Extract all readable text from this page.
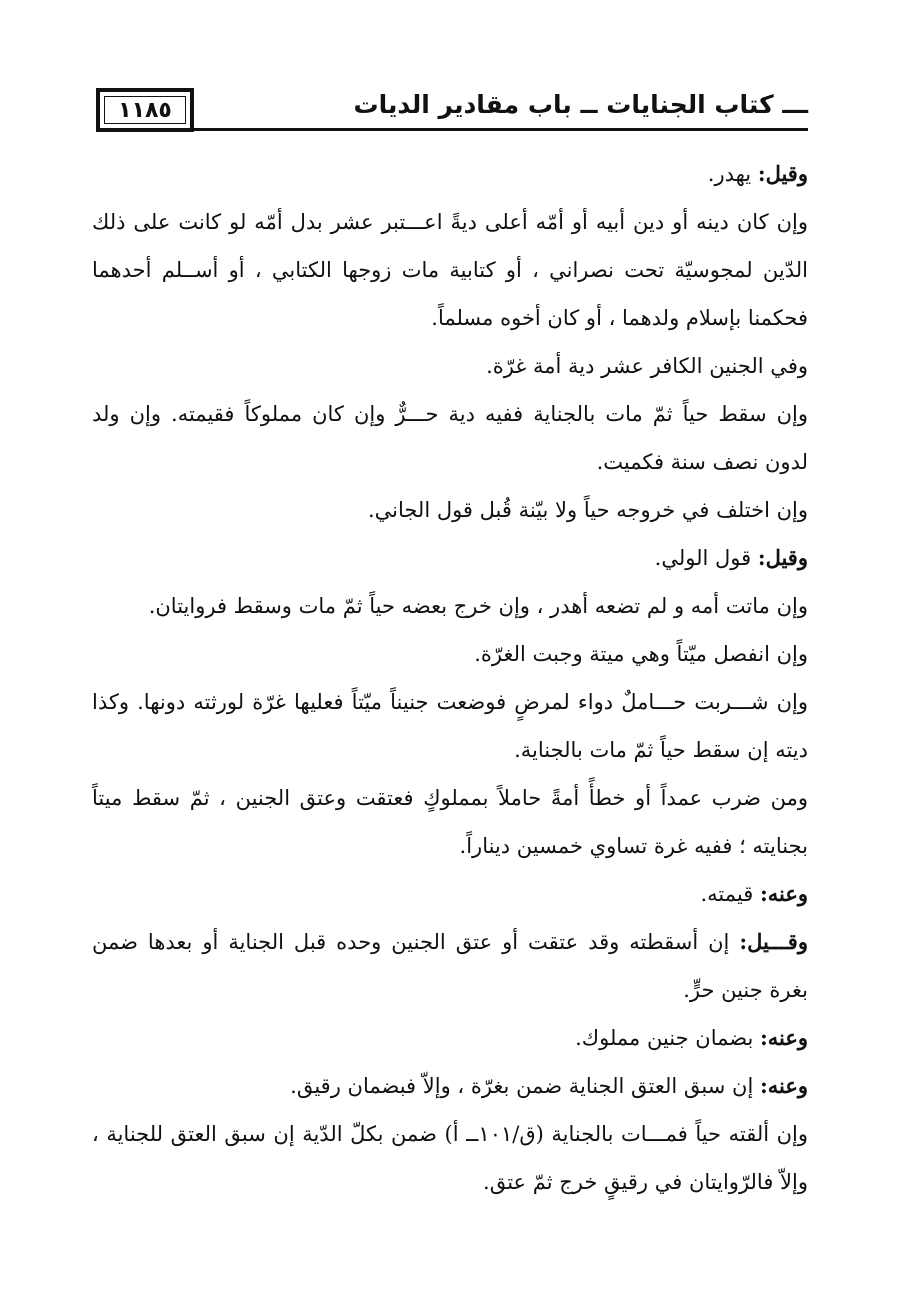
١١٨٥	ـــ كتاب الجنايات ــ باب مقادير الديات

وقيل: يهدر.

وإن كان دينه أو دين أبيه أو أمّه أعلى ديةً اعـــتبر عشر بدل أمّه لو كانت على ذلك الدّين لمجوسيّة تحت نصراني ، أو كتابية مات زوجها الكتابي ، أو أســلم أحدهما فحكمنا بإسلام ولدهما ، أو كان أخوه مسلماً.

وفي الجنين الكافر عشر دية أمة غرّة.

وإن سقط حياً ثمّ مات بالجناية ففيه دية حـــرٌّ وإن كان مملوكاً فقيمته. وإن ولد لدون نصف سنة فكميت.

وإن اختلف في خروجه حياً ولا بيّنة قُبل قول الجاني.

وقيل: قول الولي.

وإن ماتت أمه و لم تضعه أهدر ، وإن خرج بعضه حياً ثمّ مات وسقط فروايتان.

وإن انفصل ميّتاً وهي ميتة وجبت الغرّة.

وإن شـــربت حـــاملٌ دواء لمرضٍ فوضعت جنيناً ميّتاً فعليها غرّة لورثته دونها. وكذا ديته إن سقط حياً ثمّ مات بالجناية.

ومن ضرب عمداً أو خطأً أمةً حاملاً بمملوكٍ فعتقت وعتق الجنين ، ثمّ سقط ميتاً بجنايته ؛ ففيه غرة تساوي خمسين ديناراً.

وعنه: قيمته.

وقـــيل: إن أسقطته وقد عتقت أو عتق الجنين وحده قبل الجناية أو بعدها ضمن بغرة جنين حرٍّ.

وعنه: بضمان جنين مملوك.

وعنه: إن سبق العتق الجناية ضمن بغرّة ، وإلاّ فبضمان رقيق.

وإن ألقته حياً فمـــات بالجناية (ق/١٠١ــ أ) ضمن بكلّ الدّية إن سبق العتق للجناية ، وإلاّ فالرّوايتان في رقيقٍ خرج ثمّ عتق.
